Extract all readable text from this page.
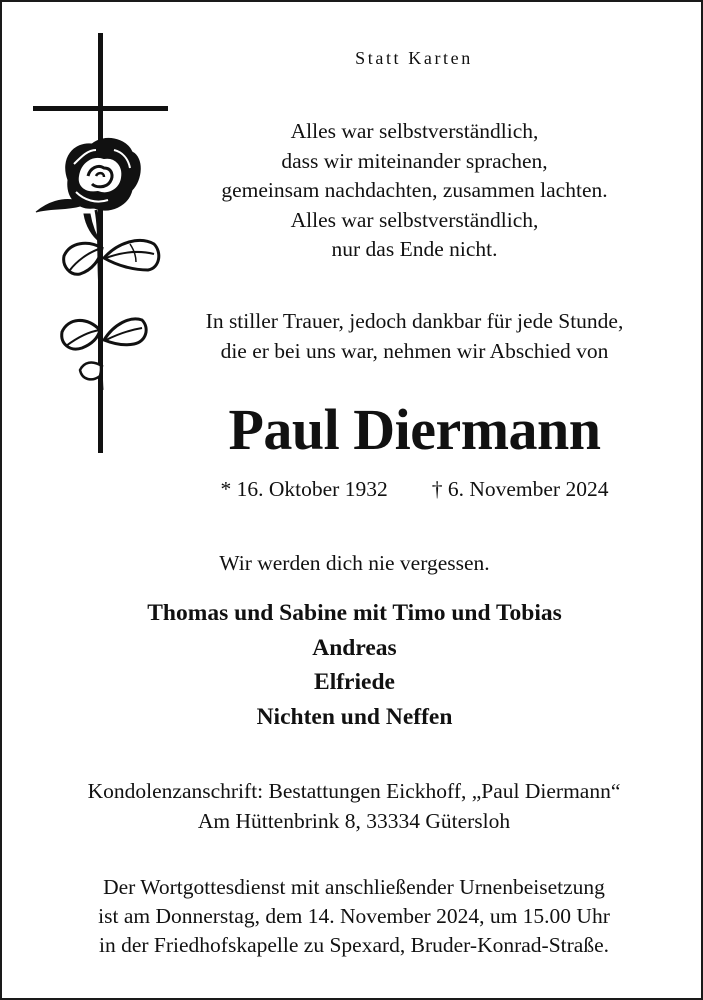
Statt Karten
Alles war selbstverständlich,
dass wir miteinander sprachen,
gemeinsam nachdachten, zusammen lachten.
Alles war selbstverständlich,
nur das Ende nicht.
In stiller Trauer, jedoch dankbar für jede Stunde,
die er bei uns war, nehmen wir Abschied von
Paul Diermann
* 16. Oktober 1932 † 6. November 2024
Wir werden dich nie vergessen.
Thomas und Sabine mit Timo und Tobias
Andreas
Elfriede
Nichten und Neffen
Kondolenzanschrift: Bestattungen Eickhoff, „Paul Diermann“
Am Hüttenbrink 8, 33334 Gütersloh
Der Wortgottesdienst mit anschließender Urnenbeisetzung
ist am Donnerstag, dem 14. November 2024, um 15.00 Uhr
in der Friedhofskapelle zu Spexard, Bruder-Konrad-Straße.
